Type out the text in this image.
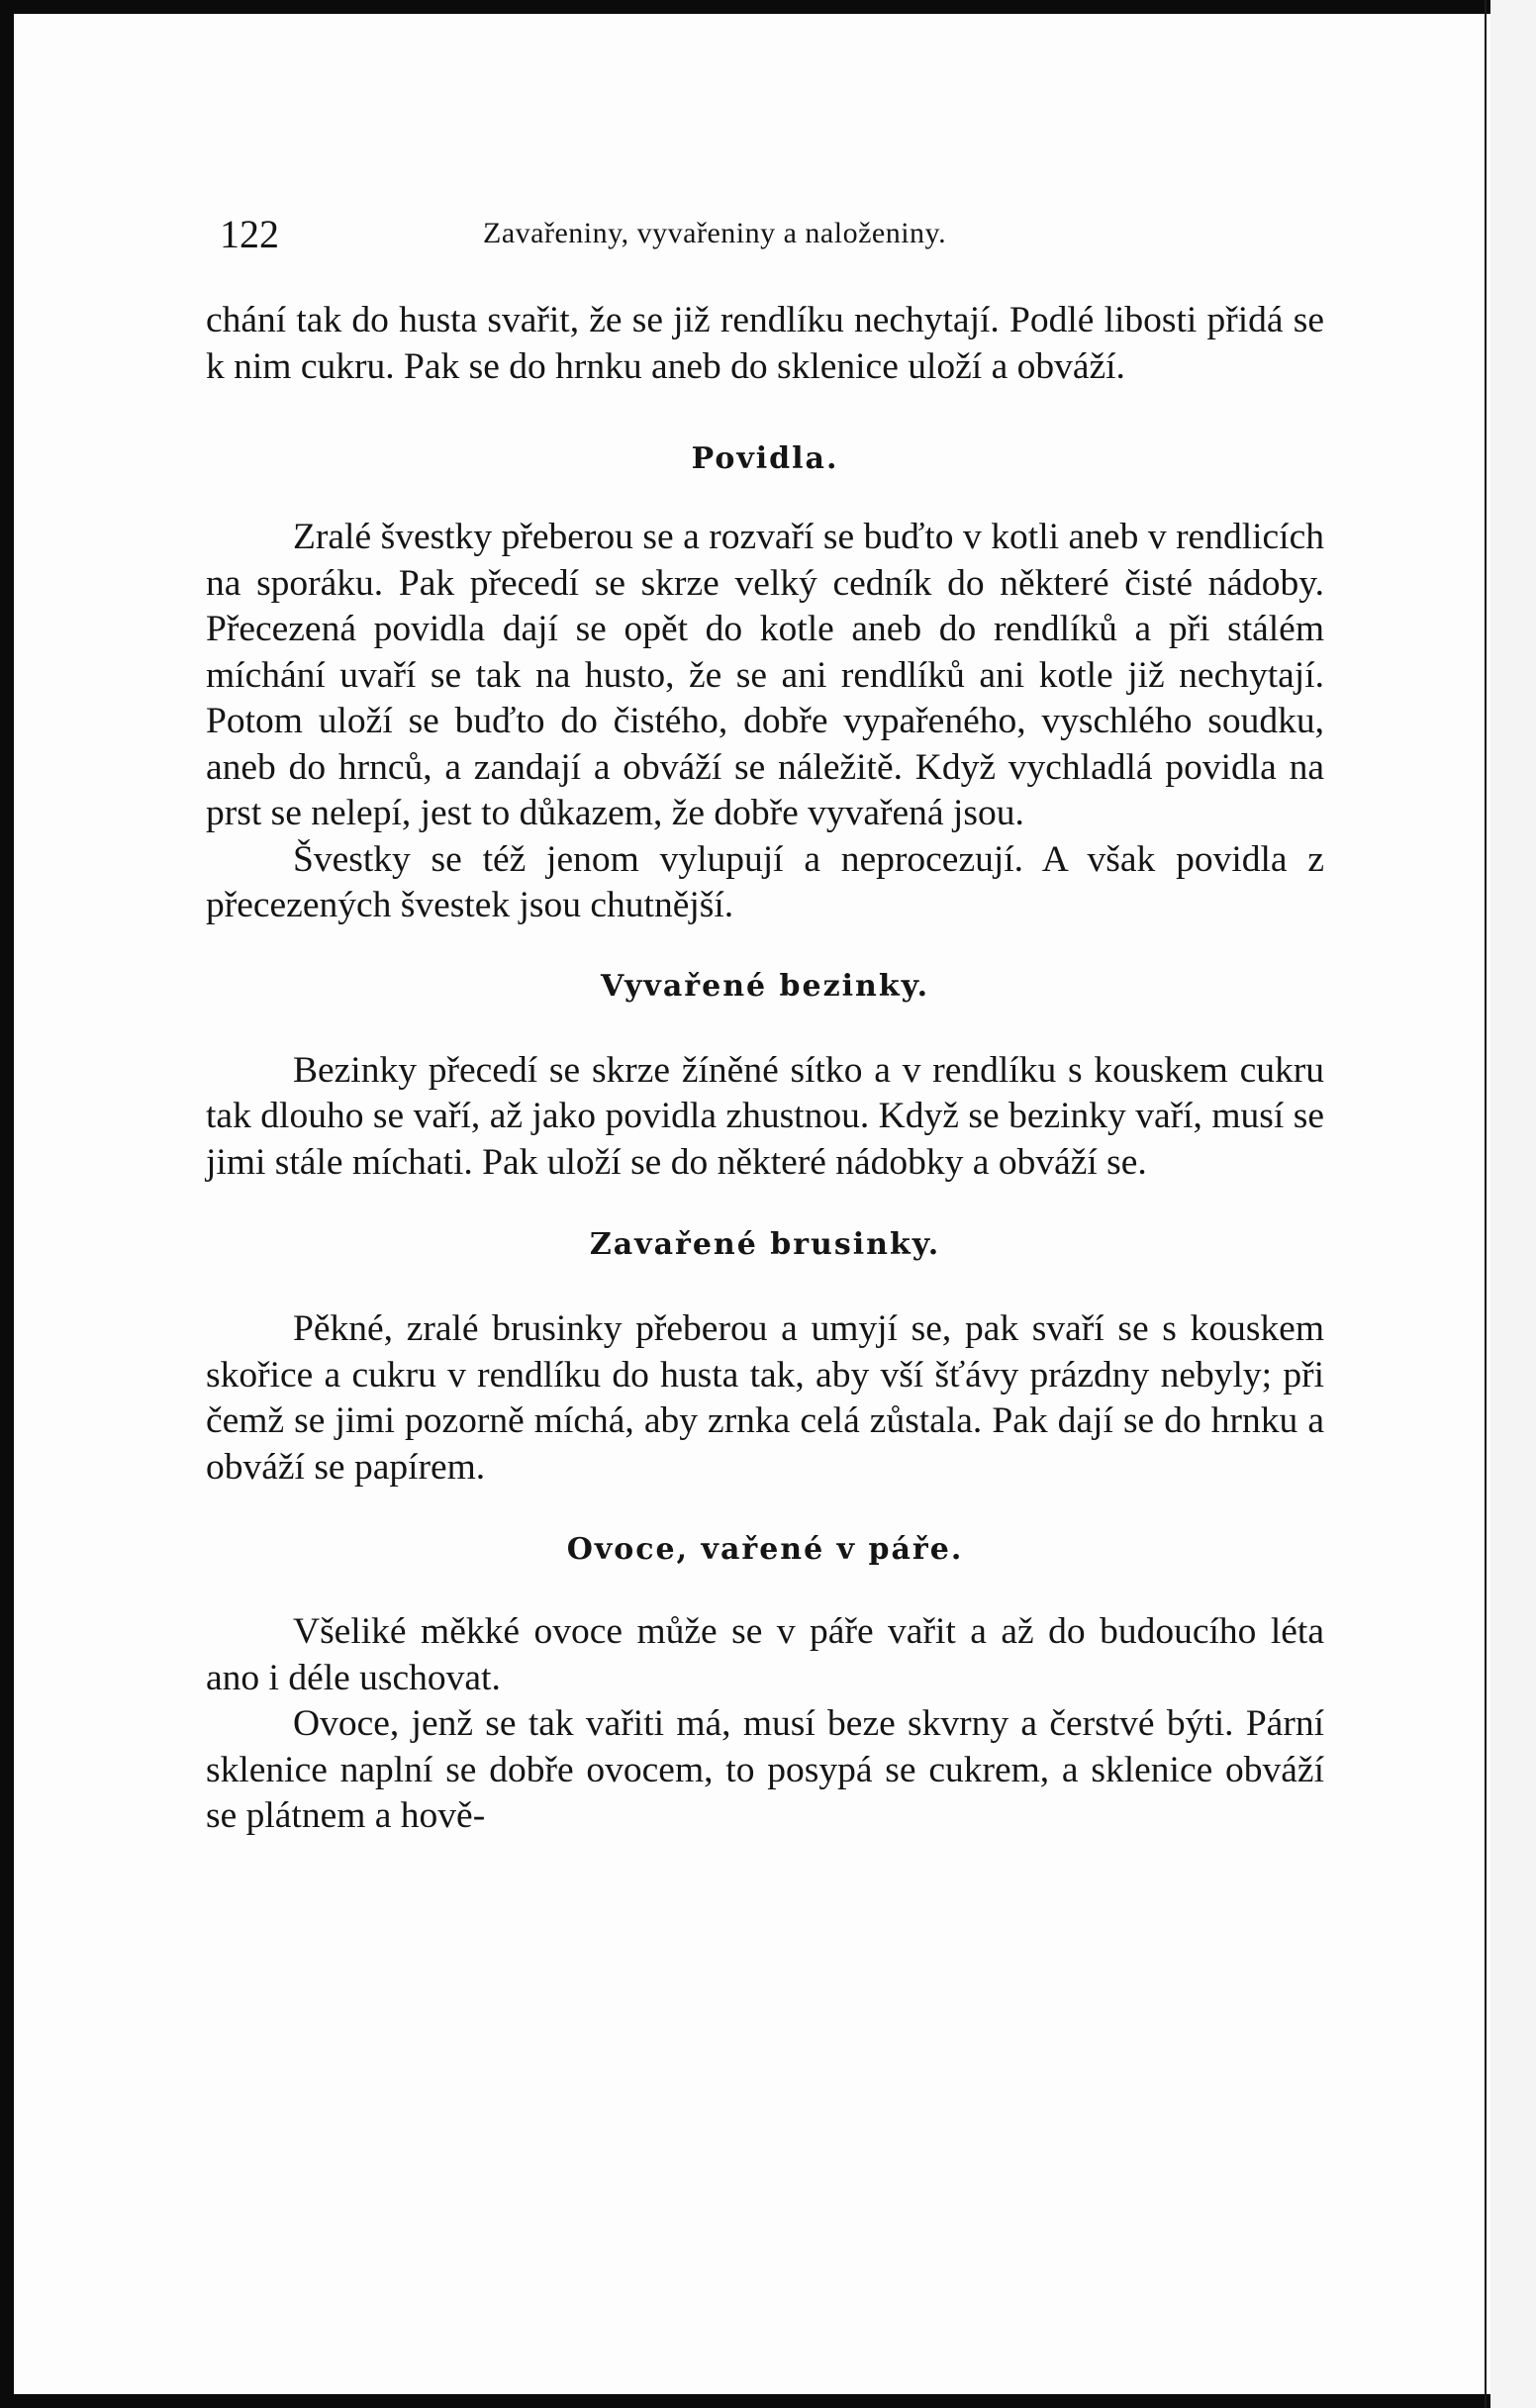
122	Zavařeniny, vyvařeniny a naloženiny.

chání tak do husta svařit, že se již rendlíku nechytají. Podlé libosti přidá se k nim cukru. Pak se do hrnku aneb do sklenice uloží a obváží.

Povidla.

Zralé švestky přeberou se a rozvaří se buďto v kotli aneb v rendlicích na sporáku. Pak přecedí se skrze velký cedník do některé čisté nádoby. Přecezená povidla dají se opět do kotle aneb do rendlíků a při stálém míchání uvaří se tak na husto, že se ani rendlíků ani kotle již nechytají. Potom uloží se buďto do čistého, dobře vypařeného, vyschlého soudku, aneb do hrnců, a zandají a obváží se náležitě. Když vychladlá povidla na prst se nelepí, jest to důkazem, že dobře vyvařená jsou.

Švestky se též jenom vylupují a neprocezují. A však povidla z přecezených švestek jsou chutnější.

Vyvařené bezinky.

Bezinky přecedí se skrze žíněné sítko a v rendlíku s kouskem cukru tak dlouho se vaří, až jako povidla zhustnou. Když se bezinky vaří, musí se jimi stále míchati. Pak uloží se do některé nádobky a obváží se.

Zavařené brusinky.

Pěkné, zralé brusinky přeberou a umyjí se, pak svaří se s kouskem skořice a cukru v rendlíku do husta tak, aby vší šťávy prázdny nebyly; při čemž se jimi pozorně míchá, aby zrnka celá zůstala. Pak dají se do hrnku a obváží se papírem.

Ovoce, vařené v páře.

Všeliké měkké ovoce může se v páře vařit a až do budoucího léta ano i déle uschovat.

Ovoce, jenž se tak vařiti má, musí beze skvrny a čerstvé býti. Pární sklenice naplní se dobře ovocem, to posypá se cukrem, a sklenice obváží se plátnem a hově-
